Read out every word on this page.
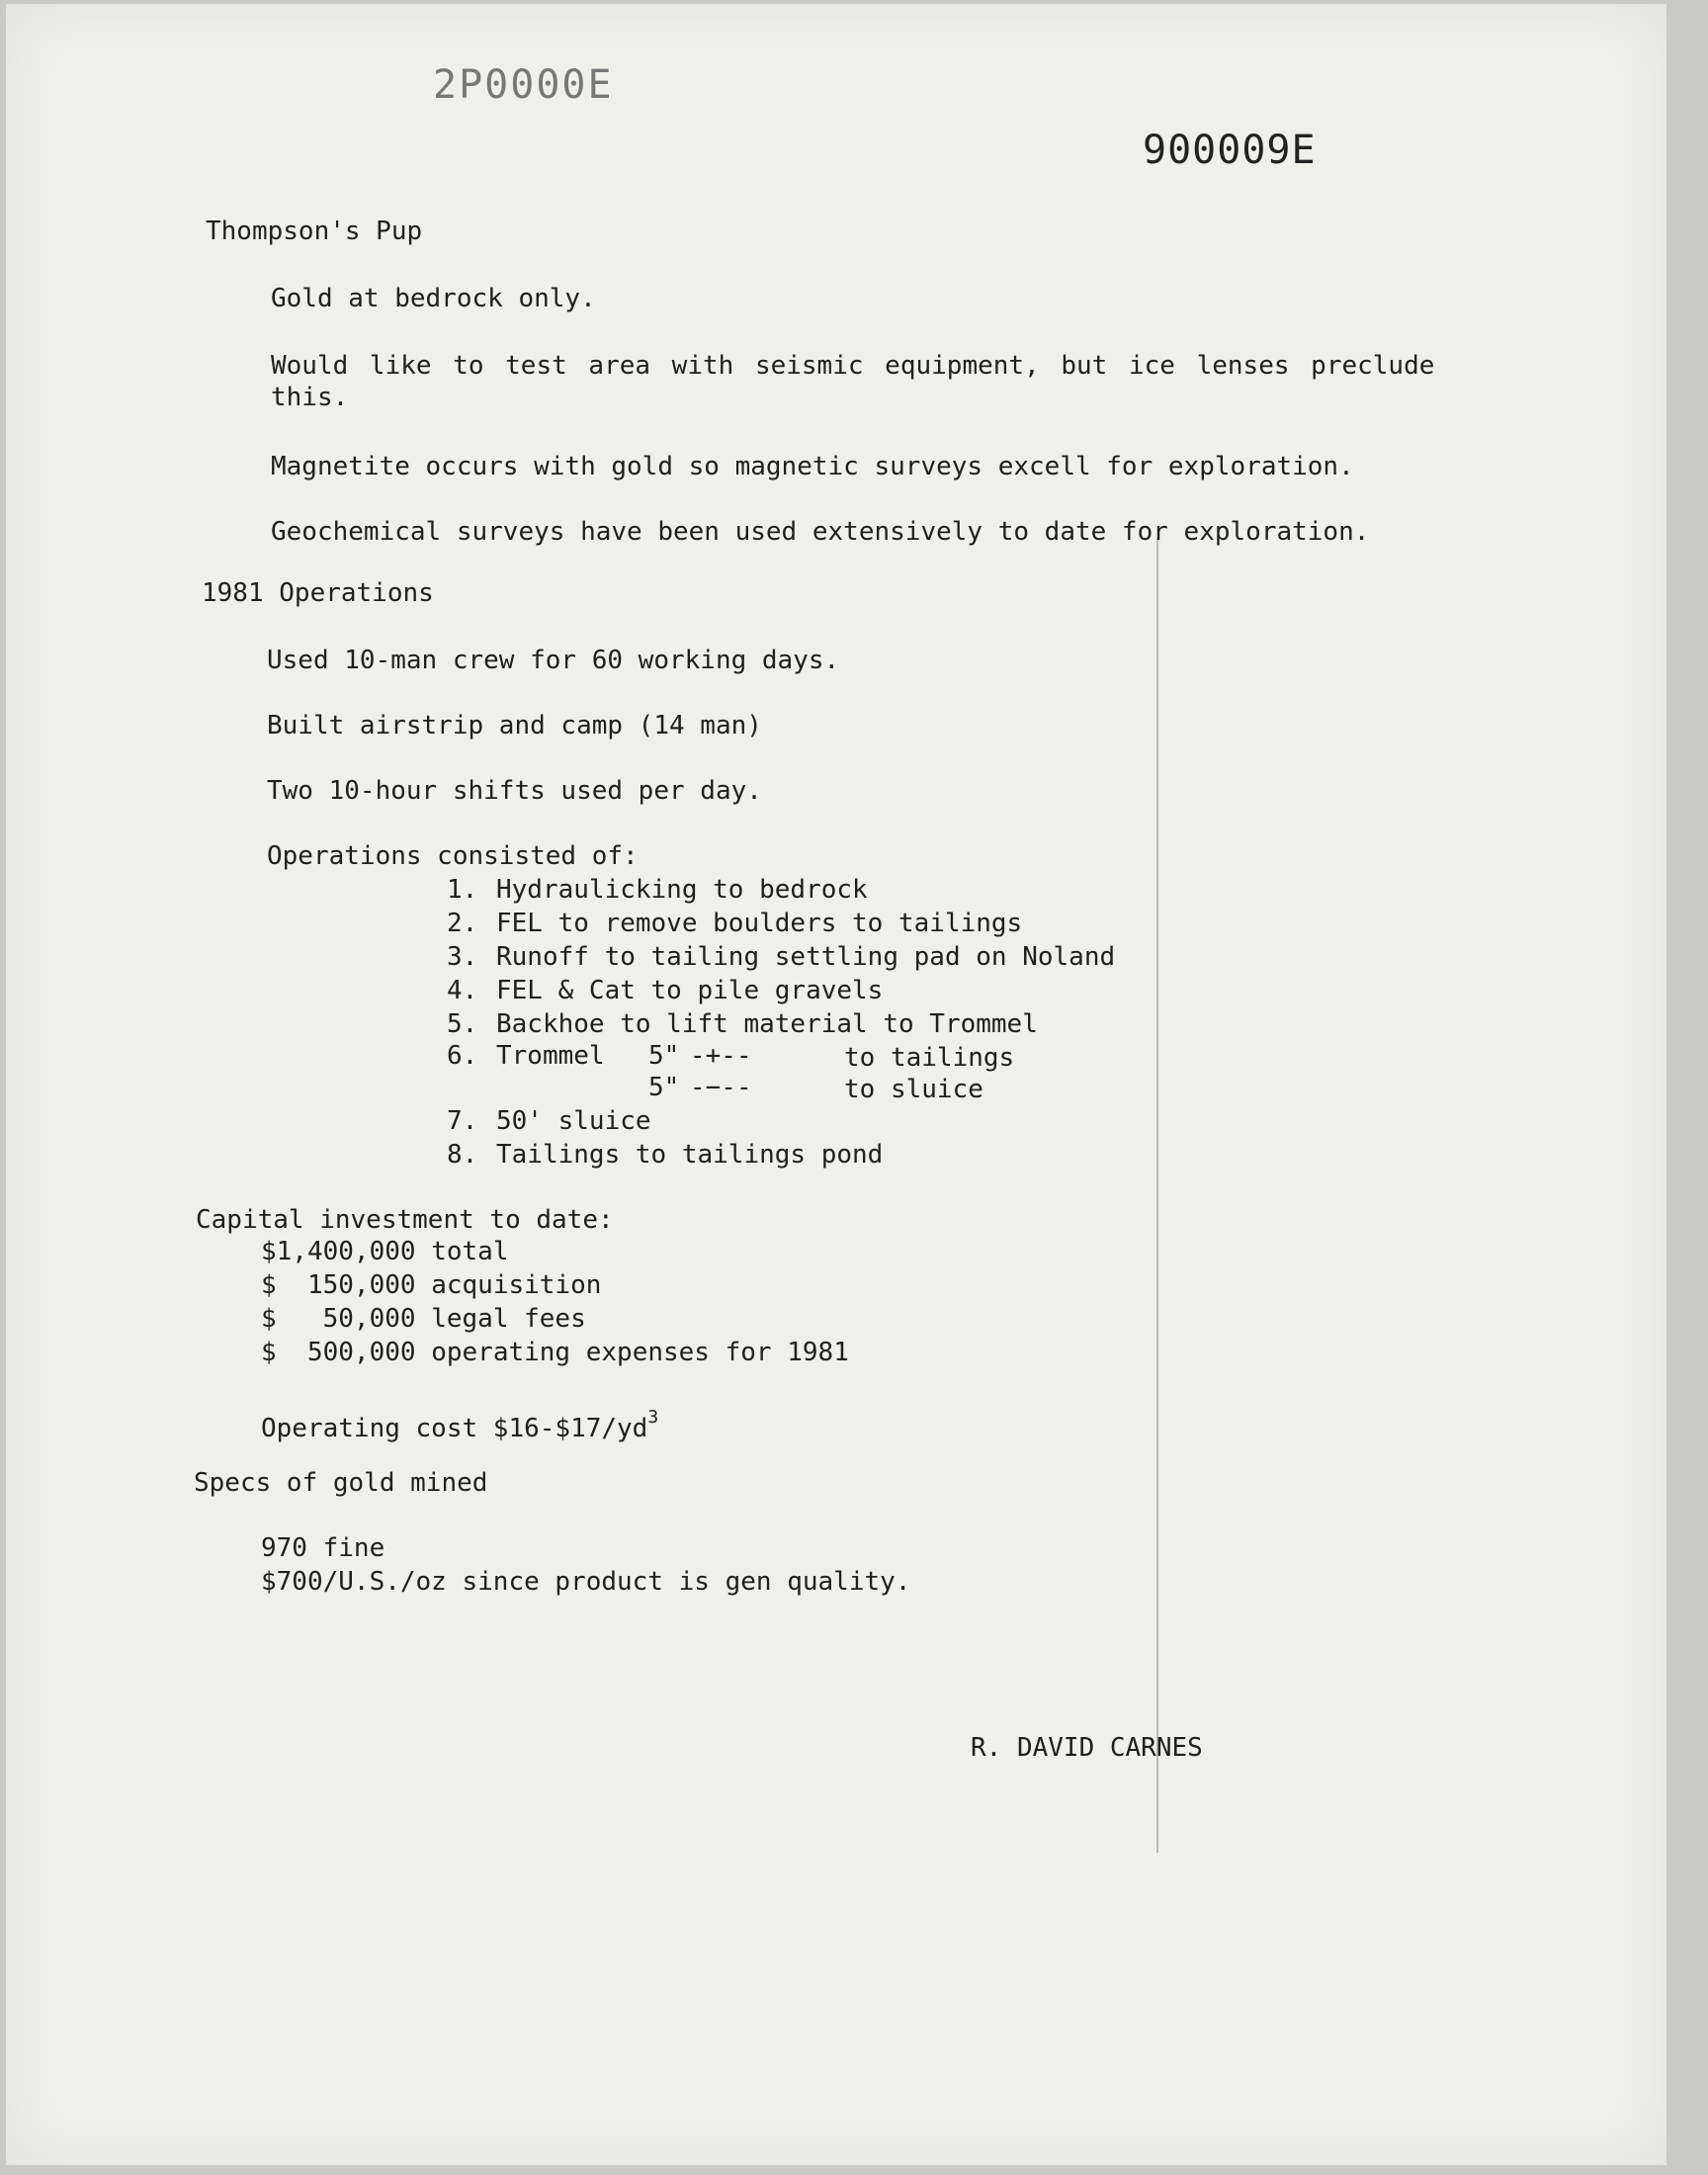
2P0000E
900009E
Thompson's Pup
Gold at bedrock only.
Would like to test area with seismic equipment, but ice lenses preclude
this.
Magnetite occurs with gold so magnetic surveys excell for exploration.
Geochemical surveys have been used extensively to date for exploration.
1981 Operations
Used 10-man crew for 60 working days.
Built airstrip and camp (14 man)
Two 10-hour shifts used per day.
Operations consisted of:
1. Hydraulicking to bedrock
2. FEL to remove boulders to tailings
3. Runoff to tailing settling pad on Noland
4. FEL & Cat to pile gravels
5. Backhoe to lift material to Trommel
6. Trommel 5" -+--	to tailings
5" -−--	to sluice
7. 50' sluice
8. Tailings to tailings pond
Capital investment to date:
$1,400,000 total
$  150,000 acquisition
$   50,000 legal fees
$  500,000 operating expenses for 1981
Operating cost $\$16-\$17/yd^3$
Specs of gold mined
970 fine
$700/U.S./oz since product is gen quality.
R. DAVID CARNES
